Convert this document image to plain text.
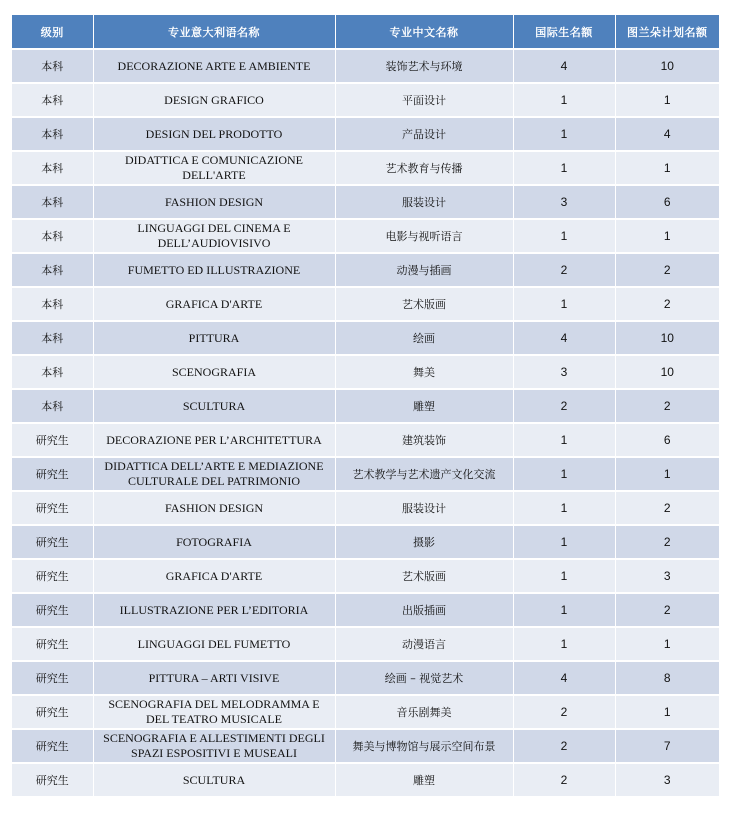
级别	专业意大利语名称	专业中文名称	国际生名额	图兰朵计划名额
本科	DECORAZIONE ARTE E AMBIENTE	装饰艺术与环境	4	10
本科	DESIGN GRAFICO	平面设计	1	1
本科	DESIGN DEL PRODOTTO	产品设计	1	4
本科	DIDATTICA E COMUNICAZIONE DELL'ARTE	艺术教育与传播	1	1
本科	FASHION DESIGN	服装设计	3	6
本科	LINGUAGGI DEL CINEMA E DELL’AUDIOVISIVO	电影与视听语言	1	1
本科	FUMETTO ED ILLUSTRAZIONE	动漫与插画	2	2
本科	GRAFICA D'ARTE	艺术版画	1	2
本科	PITTURA	绘画	4	10
本科	SCENOGRAFIA	舞美	3	10
本科	SCULTURA	雕塑	2	2
研究生	DECORAZIONE PER L’ARCHITETTURA	建筑装饰	1	6
研究生	DIDATTICA DELL’ARTE E MEDIAZIONE CULTURALE DEL PATRIMONIO	艺术教学与艺术遗产文化交流	1	1
研究生	FASHION DESIGN	服装设计	1	2
研究生	FOTOGRAFIA	摄影	1	2
研究生	GRAFICA D'ARTE	艺术版画	1	3
研究生	ILLUSTRAZIONE PER L’EDITORIA	出版插画	1	2
研究生	LINGUAGGI DEL FUMETTO	动漫语言	1	1
研究生	PITTURA – ARTI VISIVE	绘画 – 视觉艺术	4	8
研究生	SCENOGRAFIA DEL MELODRAMMA E DEL TEATRO MUSICALE	音乐剧舞美	2	1
研究生	SCENOGRAFIA E ALLESTIMENTI DEGLI SPAZI ESPOSITIVI E MUSEALI	舞美与博物馆与展示空间布景	2	7
研究生	SCULTURA	雕塑	2	3
